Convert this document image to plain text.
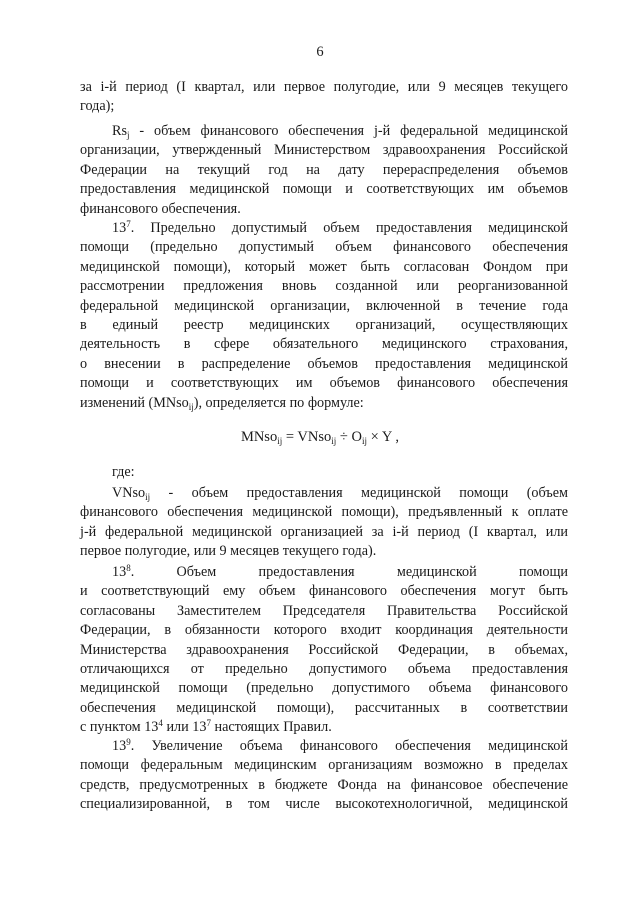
6
за i-й период (I квартал, или первое полугодие, или 9 месяцев текущего
года);
$Rs_j$ - объем финансового обеспечения j-й федеральной медицинской
организации, утвержденный Министерством здравоохранения Российской
Федерации на текущий год на дату перераспределения объемов
предоставления медицинской помощи и соответствующих им объемов
финансового обеспечения.
$13^7$. Предельно допустимый объем предоставления медицинской
помощи (предельно допустимый объем финансового обеспечения
медицинской помощи), который может быть согласован Фондом при
рассмотрении предложения вновь созданной или реорганизованной
федеральной медицинской организации, включенной в течение года
в единый реестр медицинских организаций, осуществляющих
деятельность в сфере обязательного медицинского страхования,
о внесении в распределение объемов предоставления медицинской
помощи и соответствующих им объемов финансового обеспечения
изменений (MNso$_{ij}$), определяется по формуле:
MNso$_{ij}$ = VNso$_{ij}$ ÷ $O_{ij} \times Y$ ,
где:
VNso$_{ij}$ - объем предоставления медицинской помощи (объем
финансового обеспечения медицинской помощи), предъявленный к оплате
j-й федеральной медицинской организацией за i-й период (I квартал, или
первое полугодие, или 9 месяцев текущего года).
$13^8$. Объем предоставления медицинской помощи
и соответствующий ему объем финансового обеспечения могут быть
согласованы Заместителем Председателя Правительства Российской
Федерации, в обязанности которого входит координация деятельности
Министерства здравоохранения Российской Федерации, в объемах,
отличающихся от предельно допустимого объема предоставления
медицинской помощи (предельно допустимого объема финансового
обеспечения медицинской помощи), рассчитанных в соответствии
с пунктом $13^4$ или $13^7$ настоящих Правил.
$13^9$. Увеличение объема финансового обеспечения медицинской
помощи федеральным медицинским организациям возможно в пределах
средств, предусмотренных в бюджете Фонда на финансовое обеспечение
специализированной, в том числе высокотехнологичной, медицинской
